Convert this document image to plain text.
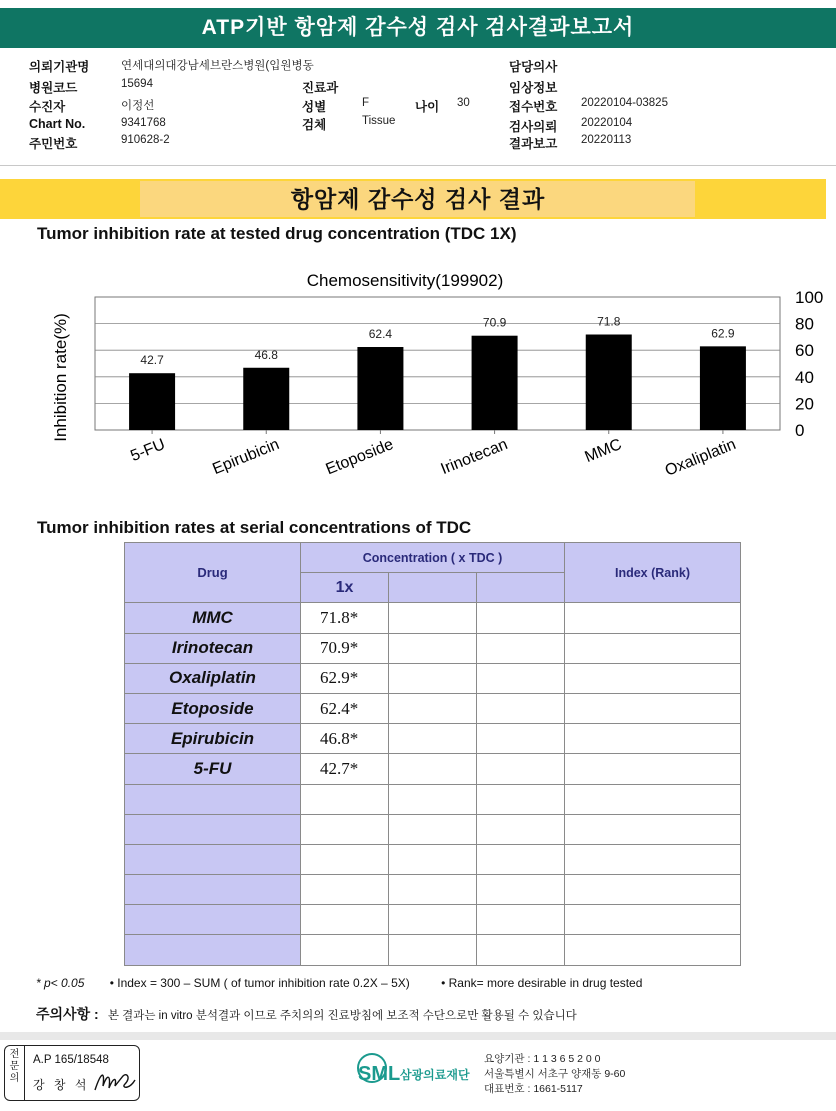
ATP기반 항암제 감수성 검사 검사결과보고서
의뢰기관명	연세대의대강남세브란스병원(입원병동
병원코드	15694
수진자	이정선
Chart No.	9341768
주민번호	910628-2
진료과
성별	F	나이 30
검체	Tissue
담당의사
임상정보
접수번호 20220104-03825
검사의뢰 20220104
결과보고 20220113
항암제 감수성 검사 결과
Tumor inhibition rate at tested drug concentration (TDC 1X)
Chemosensitivity(199902)
Inhibition rate(%)	42.7	46.8
62.4
70.9	71.8
62.9
0
20
40
60
80
100
5-FU	Epirubicin	Etoposide	Irinotecan	MMC Oxaliplatin
Tumor inhibition rates at serial concentrations of TDC
Drug	Concentration ( x TDC )			Index (Rank)
	1x			
MMC	71.8*			
Irinotecan	70.9*			
Oxaliplatin	62.9*			
Etoposide	62.4*			
Epirubicin	46.8*			
5-FU	42.7*			

* p< 0.05 • Index = 300 – SUM ( of tumor inhibition rate 0.2X – 5X)	• Rank= more desirable in drug tested
주의사항 : 본 결과는 in vitro 분석결과 이므로 주치의의 진료방침에 보조적 수단으로만 활용될 수 있습니다
전문의
A.P 165/18548
강 창 석	SML 삼광의료재단
요양기관 : 1 1 3 6 5 2 0 0
서울특별시 서초구 양재동 9-60
대표번호 : 1661-5117
